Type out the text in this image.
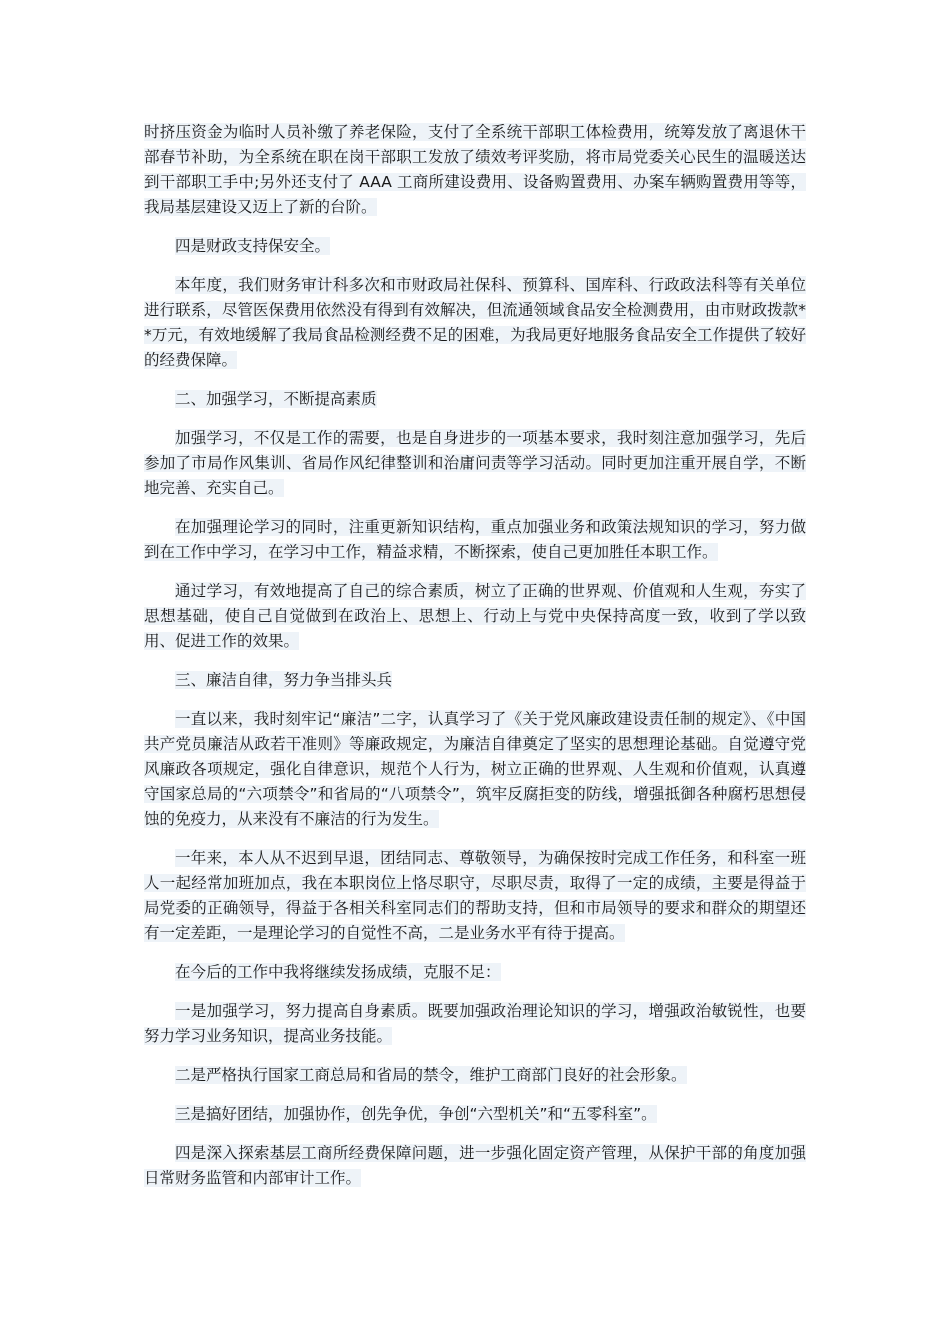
时挤压资金为临时人员补缴了养老保险，支付了全系统干部职工体检费用，统筹发放了离退休干部春节补助，为全系统在职在岗干部职工发放了绩效考评奖励，将市局党委关心民生的温暖送达到干部职工手中;另外还支付了 AAA 工商所建设费用、设备购置费用、办案车辆购置费用等等，我局基层建设又迈上了新的台阶。

四是财政支持保安全。

本年度，我们财务审计科多次和市财政局社保科、预算科、国库科、行政政法科等有关单位进行联系，尽管医保费用依然没有得到有效解决，但流通领域食品安全检测费用，由市财政拨款**万元，有效地缓解了我局食品检测经费不足的困难，为我局更好地服务食品安全工作提供了较好的经费保障。

二、加强学习，不断提高素质

加强学习，不仅是工作的需要，也是自身进步的一项基本要求，我时刻注意加强学习，先后参加了市局作风集训、省局作风纪律整训和治庸问责等学习活动。同时更加注重开展自学，不断地完善、充实自己。

在加强理论学习的同时，注重更新知识结构，重点加强业务和政策法规知识的学习，努力做到在工作中学习，在学习中工作，精益求精，不断探索，使自己更加胜任本职工作。

通过学习，有效地提高了自己的综合素质，树立了正确的世界观、价值观和人生观，夯实了思想基础，使自己自觉做到在政治上、思想上、行动上与党中央保持高度一致，收到了学以致用、促进工作的效果。

三、廉洁自律，努力争当排头兵

一直以来，我时刻牢记“廉洁”二字，认真学习了《关于党风廉政建设责任制的规定》、《中国共产党员廉洁从政若干准则》等廉政规定，为廉洁自律奠定了坚实的思想理论基础。自觉遵守党风廉政各项规定，强化自律意识，规范个人行为，树立正确的世界观、人生观和价值观，认真遵守国家总局的“六项禁令”和省局的“八项禁令”，筑牢反腐拒变的防线，增强抵御各种腐朽思想侵蚀的免疫力，从来没有不廉洁的行为发生。

一年来，本人从不迟到早退，团结同志、尊敬领导，为确保按时完成工作任务，和科室一班人一起经常加班加点，我在本职岗位上恪尽职守，尽职尽责，取得了一定的成绩，主要是得益于局党委的正确领导，得益于各相关科室同志们的帮助支持，但和市局领导的要求和群众的期望还有一定差距，一是理论学习的自觉性不高，二是业务水平有待于提高。

在今后的工作中我将继续发扬成绩，克服不足：

一是加强学习，努力提高自身素质。既要加强政治理论知识的学习，增强政治敏锐性，也要努力学习业务知识，提高业务技能。

二是严格执行国家工商总局和省局的禁令，维护工商部门良好的社会形象。

三是搞好团结，加强协作，创先争优，争创“六型机关”和“五零科室”。

四是深入探索基层工商所经费保障问题，进一步强化固定资产管理，从保护干部的角度加强日常财务监管和内部审计工作。
